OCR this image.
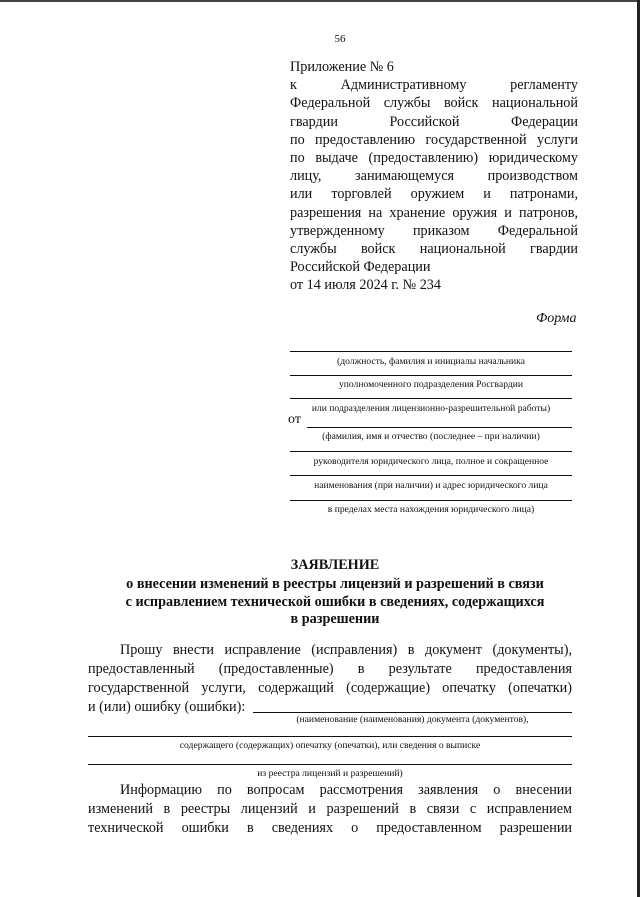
56
Приложение № 6
к Административному регламенту
Федеральной службы войск национальной
гвардии Российской Федерации
по предоставлению государственной услуги
по выдаче (предоставлению) юридическому
лицу, занимающемуся производством
или торговлей оружием и патронами,
разрешения на хранение оружия и патронов,
утвержденному приказом Федеральной
службы войск национальной гвардии
Российской Федерации
от 14 июля 2024 г. № 234
Форма
(должность, фамилия и инициалы начальника
уполномоченного подразделения Росгвардии
или подразделения лицензионно-разрешительной работы)
от
(фамилия, имя и отчество (последнее – при наличии)
руководителя юридического лица, полное и сокращенное
наименования (при наличии) и адрес юридического лица
в пределах места нахождения юридического лица)
ЗАЯВЛЕНИЕ
о внесении изменений в реестры лицензий и разрешений в связи
с исправлением технической ошибки в сведениях, содержащихся
в разрешении
Прошу внести исправление (исправления) в документ (документы),
предоставленный (предоставленные) в результате предоставления
государственной услуги, содержащий (содержащие) опечатку (опечатки)
и (или) ошибку (ошибки):
(наименование (наименования) документа (документов),
содержащего (содержащих) опечатку (опечатки), или сведения о выписке
из реестра лицензий и разрешений)
Информацию по вопросам рассмотрения заявления о внесении
изменений в реестры лицензий и разрешений в связи с исправлением
технической ошибки в сведениях о предоставленном разрешении
